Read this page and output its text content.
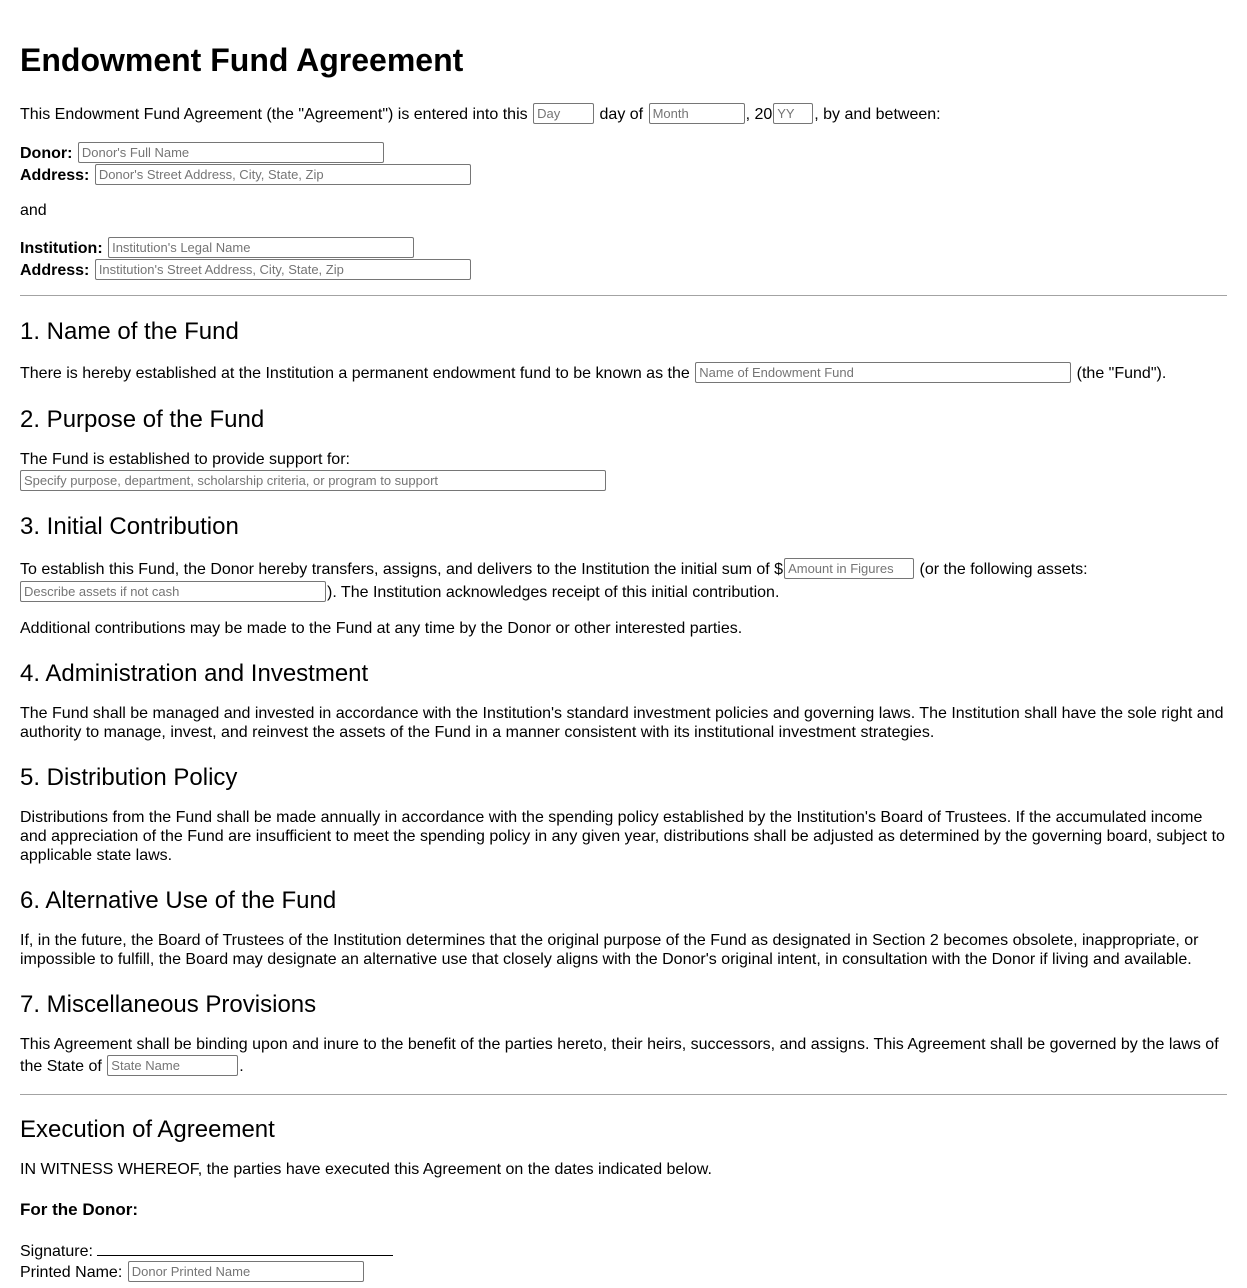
Endowment Fund Agreement

This Endowment Fund Agreement (the "Agreement") is entered into this Day day of Month	, 20 YY , by and between:

Donor: Donor's Full Name
Address: Donor's Street Address, City, State, Zip

and

Institution: Institution's Legal Name
Address: Institution's Street Address, City, State, Zip
1. Name of the Fund

There is hereby established at the Institution a permanent endowment fund to be known as the Name of Endowment Fund	(the "Fund").

2. Purpose of the Fund

The Fund is established to provide support for:

Specify purpose, department, scholarship criteria, or program to support
3. Initial Contribution

To establish this Fund, the Donor hereby transfers, assigns, and delivers to the Institution the initial sum of $ Amount in Figures (or the following assets:
Describe assets if not cash	). The Institution acknowledges receipt of this initial contribution.

Additional contributions may be made to the Fund at any time by the Donor or other interested parties.

4. Administration and Investment

The Fund shall be managed and invested in accordance with the Institution's standard investment policies and governing laws. The Institution shall have the sole right and authority to manage, invest, and reinvest the assets of the Fund in a manner consistent with its institutional investment strategies.

5. Distribution Policy

Distributions from the Fund shall be made annually in accordance with the spending policy established by the Institution's Board of Trustees. If the accumulated income and appreciation of the Fund are insufficient to meet the spending policy in any given year, distributions shall be adjusted as determined by the governing board, subject to applicable state laws.

6. Alternative Use of the Fund

If, in the future, the Board of Trustees of the Institution determines that the original purpose of the Fund as designated in Section 2 becomes obsolete, inappropriate, or impossible to fulfill, the Board may designate an alternative use that closely aligns with the Donor's original intent, in consultation with the Donor if living and available.

7. Miscellaneous Provisions

This Agreement shall be binding upon and inure to the benefit of the parties hereto, their heirs, successors, and assigns. This Agreement shall be governed by the laws of the State of State Name	.

Execution of Agreement

IN WITNESS WHEREOF, the parties have executed this Agreement on the dates indicated below.

For the Donor:

Signature:
Printed Name: Donor Printed Name
